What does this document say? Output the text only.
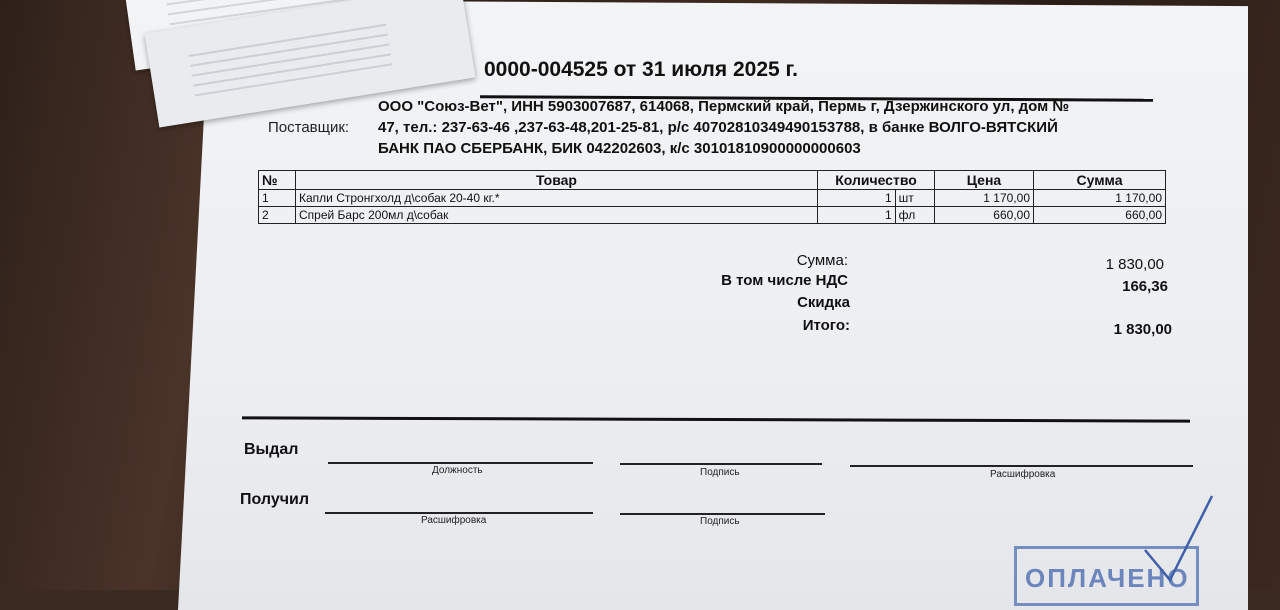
0000-004525 от 31 июля 2025 г.
Поставщик:
ООО "Союз-Вет", ИНН 5903007687, 614068, Пермский край, Пермь г, Дзержинского ул, дом №
47, тел.: 237-63-46 ,237-63-48,201-25-81, р/с 40702810349490153788, в банке ВОЛГО-ВЯТСКИЙ
БАНК ПАО СБЕРБАНК, БИК 042202603, к/с 30101810900000000603
№	Товар	Количество		Цена	Сумма
1	Капли Стронгхолд д\собак 20-40 кг.*	1	шт	1 170,00	1 170,00
2	Спрей Барс 200мл д\собак	1	фл	660,00	660,00
Сумма:	1 830,00
В том числе НДС	166,36
Скидка
Итого:	1 830,00
Выдал
Должность	Подпись	Расшифровка
Получил
Расшифровка	Подпись
ОПЛАЧЕНО
